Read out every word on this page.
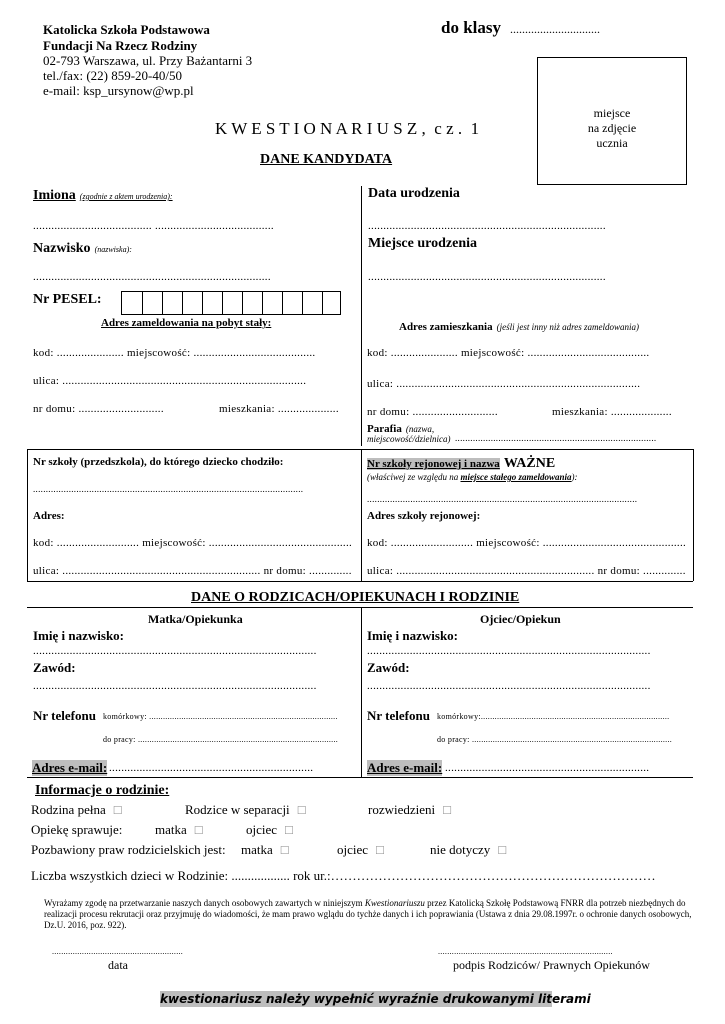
Katolicka Szkoła Podstawowa
Fundacji Na Rzecz Rodziny
02-793 Warszawa, ul. Przy Bażantarni 3
tel./fax: (22) 859-20-40/50
e-mail: ksp_ursynow@wp.pl
do klasy ..............................
miejsce
na zdjęcie
ucznia
K W E S T I O N A R I U S Z ,  c z .  1
DANE KANDYDATA
Imiona (zgodnie z aktem urodzenia):
....................................... .......................................
Data urodzenia
..............................................................................
Nazwisko (nazwiska):
..............................................................................
Miejsce urodzenia
..............................................................................
Nr PESEL:
Adres zameldowania na pobyt stały:	Adres zamieszkania (jeśli jest inny niż adres zameldowania)
kod: ...................... miejscowość: ........................................	kod: ...................... miejscowość: ........................................
ulica: ................................................................................	ulica: ................................................................................
nr domu: ............................	mieszkania: ....................	nr domu: ............................	mieszkania: ....................
Parafia (nazwa,
miejscowość/dzielnica) ...............................................................................
Nr szkoły (przedszkola), do którego dziecko chodziło:
..........................................................................................................
Nr szkoły rejonowej i nazwa WAŻNE
(właściwej ze względu na miejsce stałego zameldowania):
..........................................................................................................
Adres:	Adres szkoły rejonowej:
kod: ........................... miejscowość: ............................................... kod: ........................... miejscowość: ...............................................
ulica: ................................................................. nr domu: .............. ulica: ................................................................. nr domu: ..............
DANE O RODZICACH/OPIEKUNACH I RODZINIE
Matka/Opiekunka	Ojciec/Opiekun
Imię i nazwisko:	Imię i nazwisko:
.............................................................................................	.............................................................................................
Zawód:	Zawód:
.............................................................................................	.............................................................................................
Nr telefonu komórkowy: ..................................................................................
do pracy: .......................................................................................
Nr telefonu komórkowy:..................................................................................
do pracy: .......................................................................................
Adres e-mail: ...................................................................	Adres e-mail: ...................................................................
Informacje o rodzinie:
Rodzina pełna □	Rodzice w separacji □	rozwiedzieni □
Opiekę sprawuje:	matka □	ojciec □
Pozbawiony praw rodzicielskich jest: matka □	ojciec □	nie dotyczy □
Liczba wszystkich dzieci w Rodzinie: .................. rok ur.:…………………………………………………………………
Wyrażamy zgodę na przetwarzanie naszych danych osobowych zawartych w niniejszym Kwestionariuszu przez Katolicką Szkołę Podstawową FNRR dla potrzeb niezbędnych do realizacji procesu rekrutacji oraz przyjmuję do wiadomości, że mam prawo wglądu do tychże danych i ich poprawiania (Ustawa z dnia 29.08.1997r. o ochronie danych osobowych, Dz.U. 2016, poz. 922).
.........................................................
data
............................................................................
podpis Rodziców/ Prawnych Opiekunów
kwestionariusz należy wypełnić wyraźnie drukowanymi literami
